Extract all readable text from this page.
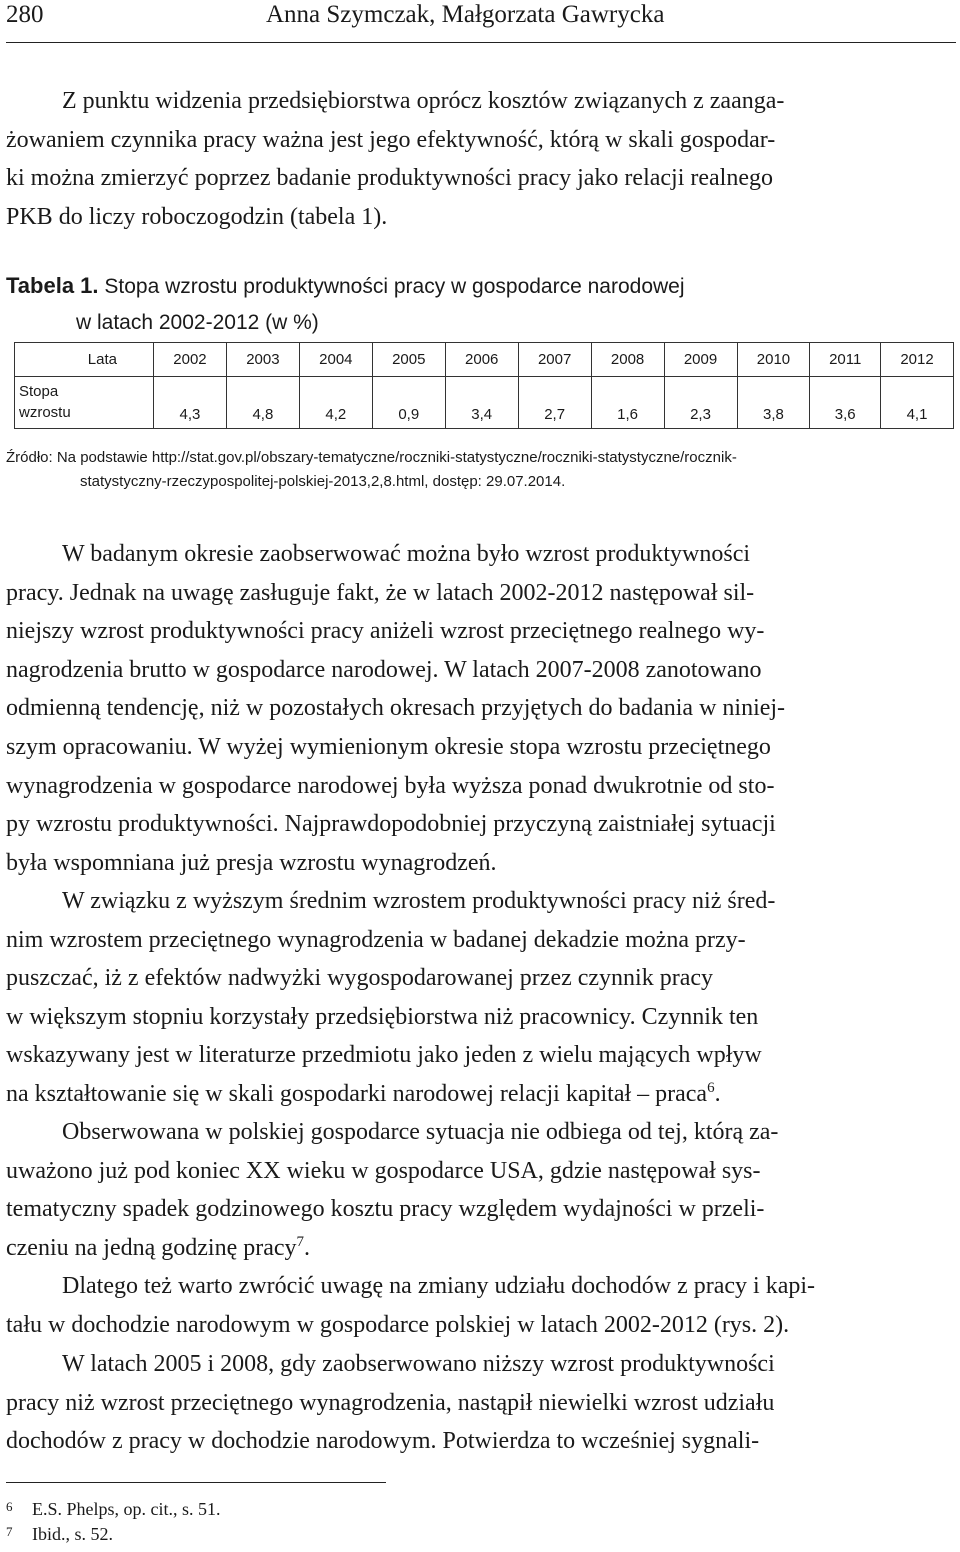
280	Anna Szymczak, Małgorzata Gawrycka
Z punktu widzenia przedsiębiorstwa oprócz kosztów związanych z zaanga-
żowaniem czynnika pracy ważna jest jego efektywność, którą w skali gospodar-
ki można zmierzyć poprzez badanie produktywności pracy jako relacji realnego
PKB do liczy roboczogodzin (tabela 1).
Tabela 1. Stopa wzrostu produktywności pracy w gospodarce narodowej
w latach 2002-2012 (w %)
Lata	2002	2003	2004	2005	2006	2007	2008	2009	2010	2011	2012

Stopa
wzrostu	4,3	4,8	4,2	0,9	3,4	2,7	1,6	2,3	3,8	3,6	4,1
Źródło: Na podstawie http://stat.gov.pl/obszary-tematyczne/roczniki-statystyczne/roczniki-statystyczne/rocznik-
statystyczny-rzeczypospolitej-polskiej-2013,2,8.html, dostęp: 29.07.2014.
W badanym okresie zaobserwować można było wzrost produktywności
pracy. Jednak na uwagę zasługuje fakt, że w latach 2002-2012 następował sil-
niejszy wzrost produktywności pracy aniżeli wzrost przeciętnego realnego wy-
nagrodzenia brutto w gospodarce narodowej. W latach 2007-2008 zanotowano
odmienną tendencję, niż w pozostałych okresach przyjętych do badania w niniej-
szym opracowaniu. W wyżej wymienionym okresie stopa wzrostu przeciętnego
wynagrodzenia w gospodarce narodowej była wyższa ponad dwukrotnie od sto-
py wzrostu produktywności. Najprawdopodobniej przyczyną zaistniałej sytuacji
była wspomniana już presja wzrostu wynagrodzeń.
W związku z wyższym średnim wzrostem produktywności pracy niż śred-
nim wzrostem przeciętnego wynagrodzenia w badanej dekadzie można przy-
puszczać, iż z efektów nadwyżki wygospodarowanej przez czynnik pracy
w większym stopniu korzystały przedsiębiorstwa niż pracownicy. Czynnik ten
wskazywany jest w literaturze przedmiotu jako jeden z wielu mających wpływ
na kształtowanie się w skali gospodarki narodowej relacji kapitał – praca$^6$.
Obserwowana w polskiej gospodarce sytuacja nie odbiega od tej, którą za-
uważono już pod koniec XX wieku w gospodarce USA, gdzie następował sys-
tematyczny spadek godzinowego kosztu pracy względem wydajności w przeli-
czeniu na jedną godzinę pracy$^7$.
Dlatego też warto zwrócić uwagę na zmiany udziału dochodów z pracy i kapi-
tału w dochodzie narodowym w gospodarce polskiej w latach 2002-2012 (rys. 2).
W latach 2005 i 2008, gdy zaobserwowano niższy wzrost produktywności
pracy niż wzrost przeciętnego wynagrodzenia, nastąpił niewielki wzrost udziału
dochodów z pracy w dochodzie narodowym. Potwierdza to wcześniej sygnali-
$^6$ E.S. Phelps, op. cit., s. 51.
$^7$ Ibid., s. 52.
